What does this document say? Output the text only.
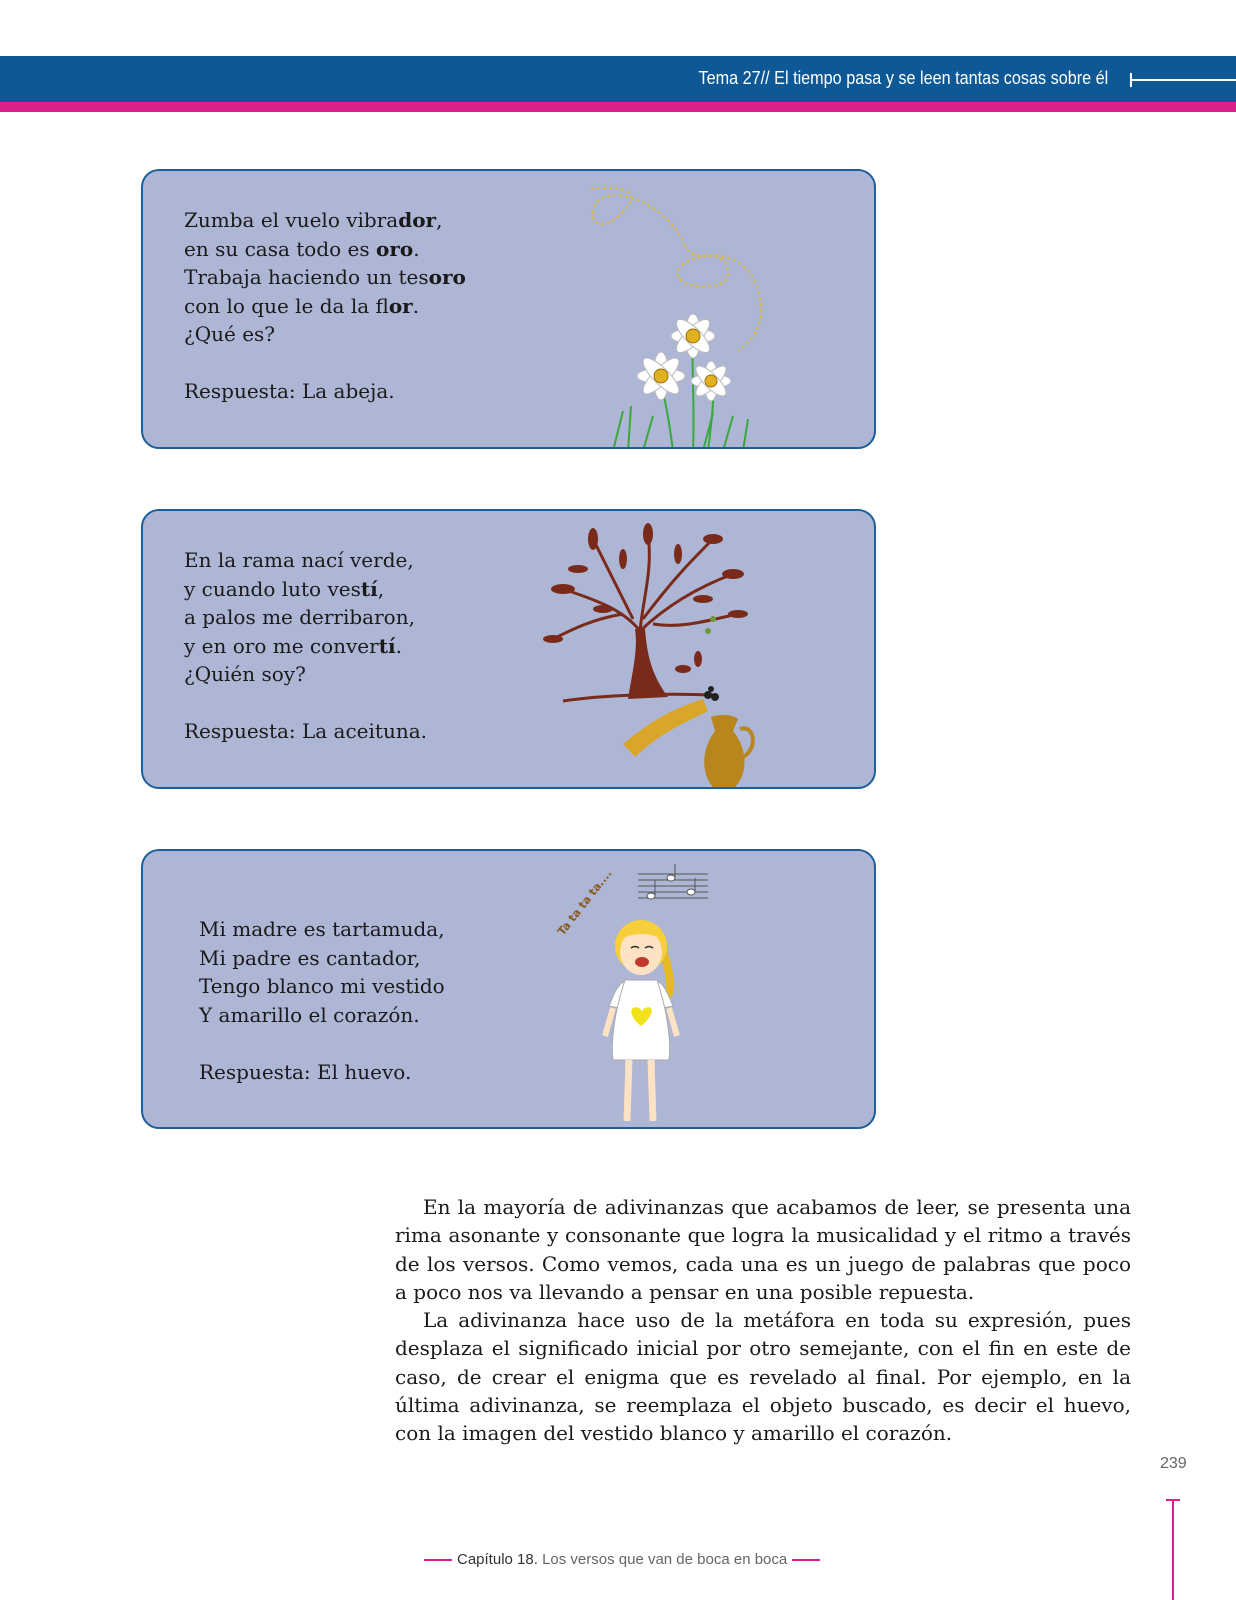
Tema 27// El tiempo pasa y se leen tantas cosas sobre él
Zumba el vuelo vibrador,
en su casa todo es oro.
Trabaja haciendo un tesoro
con lo que le da la flor.
¿Qué es?
Respuesta: La abeja.
En la rama nací verde,
y cuando luto vestí,
a palos me derribaron,
y en oro me convertí.
¿Quién soy?
Respuesta: La aceituna.
Mi madre es tartamuda,
Mi padre es cantador,
Tengo blanco mi vestido
Y amarillo el corazón.
Respuesta: El huevo.
Ta ta ta ta....

En la mayoría de adivinanzas que acabamos de leer, se presenta una rima asonante y consonante que logra la musicalidad y el ritmo a través de los versos. Como vemos, cada una es un juego de palabras que poco a poco nos va llevando a pensar en una posible repuesta.

La adivinanza hace uso de la metáfora en toda su expresión, pues desplaza el significado inicial por otro semejante, con el fin en este de caso, de crear el enigma que es revelado al final. Por ejemplo, en la última adivinanza, se reemplaza el objeto buscado, es decir el huevo, con la imagen del vestido blanco y amarillo el corazón.

239
Capítulo 18. Los versos que van de boca en boca
